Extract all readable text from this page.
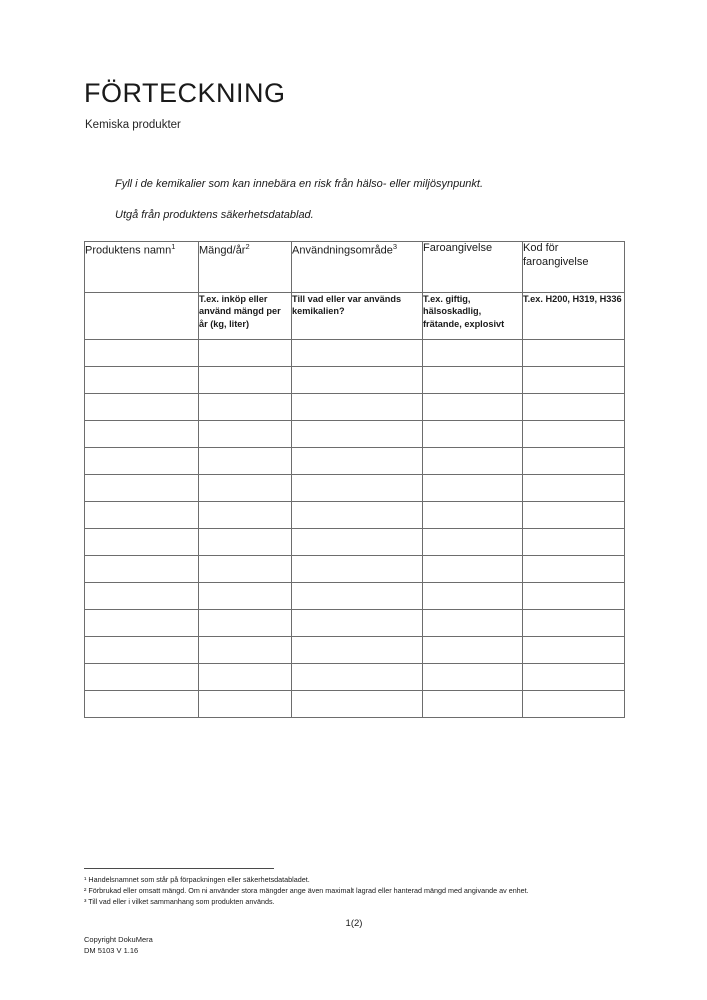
FÖRTECKNING
Kemiska produkter
Fyll i de kemikalier som kan innebära en risk från hälso- eller miljösynpunkt.
Utgå från produktens säkerhetsdatablad.
Produktens namn$^1$	Mängd/$år^2$	Användningsområde$^3$	Faroangivelse	Kod för faroangivelse

	T.ex. inköp eller använd mängd per år (kg, liter)	Till vad eller var används kemikalien?	T.ex. giftig, hälsoskadlig, frätande, explosivt	T.ex. H200, H319, H336

¹ Handelsnamnet som står på förpackningen eller säkerhetsdatabladet.
² Förbrukad eller omsatt mängd. Om ni använder stora mängder ange även maximalt lagrad eller hanterad mängd med angivande av enhet.
³ Till vad eller i vilket sammanhang som produkten används.
1(2)
Copyright DokuMera
DM 5103 V 1.16
